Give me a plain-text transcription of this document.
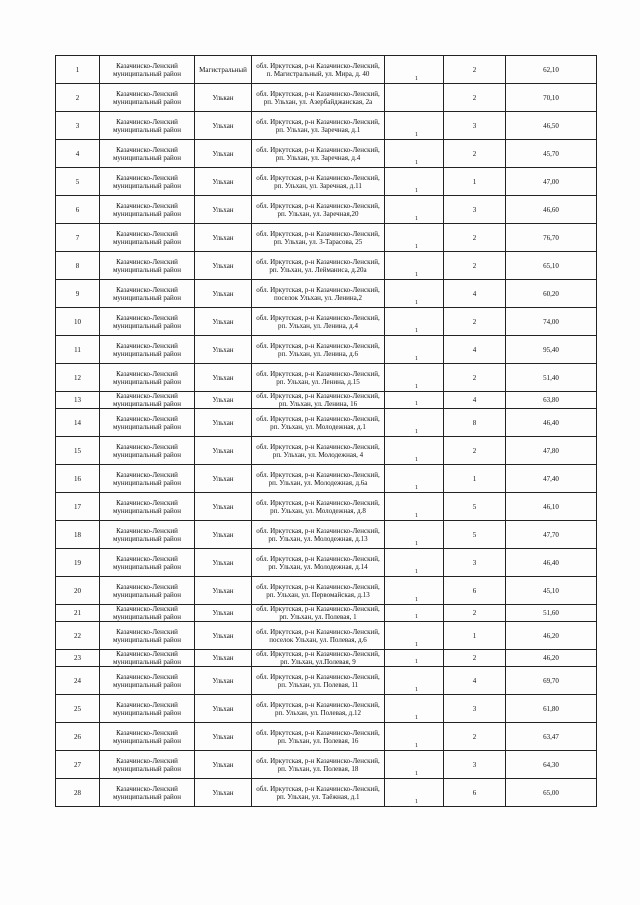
1	Казачинско-Ленский муниципальный район	Магистральный	обл. Иркутская, р-н Казачинско-Ленский, п. Магистральный, ул. Мира, д. 40	1	2	62,10
2	Казачинско-Ленский муниципальный район	Улькан	обл. Иркутская, р-н Казачинско-Ленский, рп. Ульхан, ул. Азербайджанская, 2а		2	70,10
3	Казачинско-Ленский муниципальный район	Ульхан	обл. Иркутская, р-н Казачинско-Ленский, рп. Ульхан, ул. Заречная, д.1	1	3	46,50
4	Казачинско-Ленский муниципальный район	Ульхан	обл. Иркутская, р-н Казачинско-Ленский, рп. Ульхан, ул. Заречная, д.4	1	2	45,70
5	Казачинско-Ленский муниципальный район	Ульхан	обл. Иркутская, р-н Казачинско-Ленский, рп. Ульхан, ул. Заречная, д.11	1	1	47,00
6	Казачинско-Ленский муниципальный район	Ульхан	обл. Иркутская, р-н Казачинско-Ленский, рп. Ульхан, ул. Заречная,20	1	3	46,60
7	Казачинско-Ленский муниципальный район	Ульхан	обл. Иркутская, р-н Казачинско-Ленский, рп. Ульхан, ул. З-Тарасова, 25	1	2	76,70
8	Казачинско-Ленский муниципальный район	Ульхан	обл. Иркутская, р-н Казачинско-Ленский, рп. Ульхан, ул. Лейманиса, д.20а	1	2	65,10
9	Казачинско-Ленский муниципальный район	Ульхан	обл. Иркутская, р-н Казачинско-Ленский, поселок Ульхан, ул. Ленина,2	1	4	60,20
10	Казачинско-Ленский муниципальный район	Ульхан	обл. Иркутская, р-н Казачинско-Ленский, рп. Ульхан, ул. Ленина, д.4	1	2	74,00
11	Казачинско-Ленский муниципальный район	Ульхан	обл. Иркутская, р-н Казачинско-Ленский, рп. Ульхан, ул. Ленина, д.6	1	4	95,40
12	Казачинско-Ленский муниципальный район	Ульхан	обл. Иркутская, р-н Казачинско-Ленский, рп. Ульхан, ул. Ленина, д.15	1	2	51,40
13	Казачинско-Ленский муниципальный район	Ульхан	обл. Иркутская, р-н Казачинско-Ленский, рп. Ульхан, ул. Ленина, 16	1	4	63,80
14	Казачинско-Ленский муниципальный район	Ульхан	обл. Иркутская, р-н Казачинско-Ленский, рп. Ульхан, ул. Молодежная, д.1	1	8	46,40
15	Казачинско-Ленский муниципальный район	Ульхан	обл. Иркутская, р-н Казачинско-Ленский, рп. Ульхан, ул. Молодежная, 4	1	2	47,80
16	Казачинско-Ленский муниципальный район	Ульхан	обл. Иркутская, р-н Казачинско-Ленский, рп. Ульхан, ул. Молодежная, д.6а	1	1	47,40
17	Казачинско-Ленский муниципальный район	Ульхан	обл. Иркутская, р-н Казачинско-Ленский, рп. Ульхан, ул. Молодежная, д.8	1	5	46,10
18	Казачинско-Ленский муниципальный район	Ульхан	обл. Иркутская, р-н Казачинско-Ленский, рп. Ульхан, ул. Молодежная, д.13	1	5	47,70
19	Казачинско-Ленский муниципальный район	Ульхан	обл. Иркутская, р-н Казачинско-Ленский, рп. Ульхан, ул. Молодежная, д.14	1	3	46,40
20	Казачинско-Ленский муниципальный район	Ульхан	обл. Иркутская, р-н Казачинско-Ленский, рп. Ульхан, ул. Первомайская, д.13	1	6	45,10
21	Казачинско-Ленский муниципальный район	Ульхан	обл. Иркутская, р-н Казачинско-Ленский, рп. Ульхан, ул. Полевая, 1	1	2	51,60
22	Казачинско-Ленский муниципальный район	Ульхан	обл. Иркутская, р-н Казачинско-Ленский, поселок Ульхан, ул. Полевая, д.6	1	1	46,20
23	Казачинско-Ленский муниципальный район	Ульхан	обл. Иркутская, р-н Казачинско-Ленский, рп. Ульхан, ул.Полевая, 9	1	2	46,20
24	Казачинско-Ленский муниципальный район	Ульхан	обл. Иркутская, р-н Казачинско-Ленский, рп. Ульхан, ул. Полевая, 11	1	4	69,70
25	Казачинско-Ленский муниципальный район	Ульхан	обл. Иркутская, р-н Казачинско-Ленский, рп. Ульхан, ул. Полевая, д.12	1	3	61,80
26	Казачинско-Ленский муниципальный район	Ульхан	обл. Иркутская, р-н Казачинско-Ленский, рп. Ульхан, ул. Полевая, 16	1	2	63,47
27	Казачинско-Ленский муниципальный район	Ульхан	обл. Иркутская, р-н Казачинско-Ленский, рп. Ульхан, ул. Полевая, 18	1	3	64,30
28	Казачинско-Ленский муниципальный район	Ульхан	обл. Иркутская, р-н Казачинско-Ленский, рп. Ульхан, ул. Таёжная, д.1	1	6	65,00
